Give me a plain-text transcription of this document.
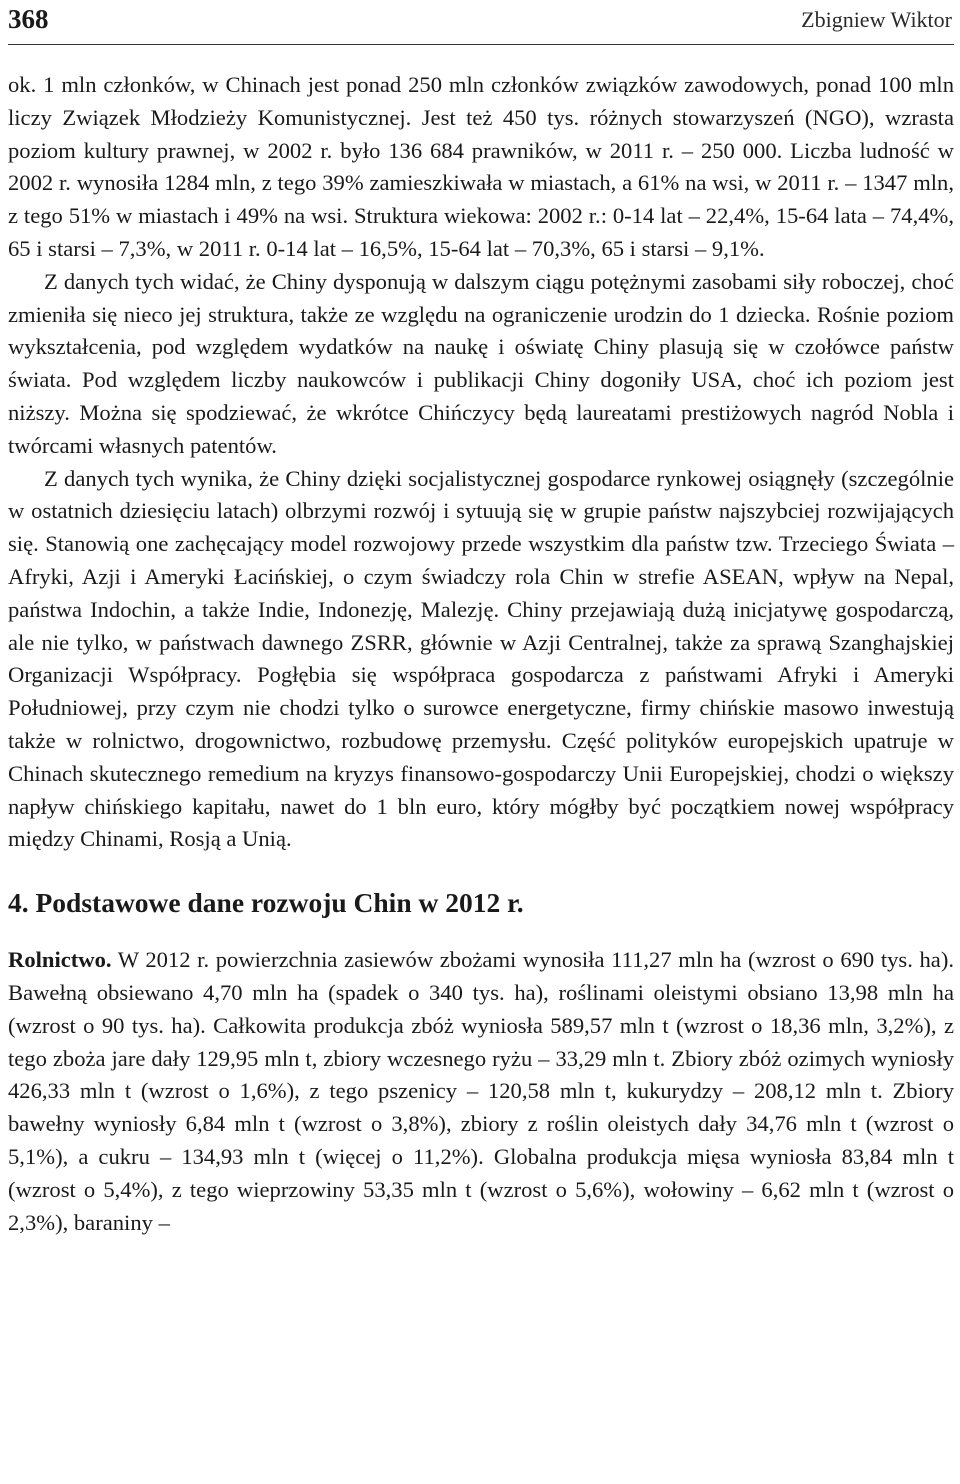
368	Zbigniew Wiktor

ok. 1 mln członków, w Chinach jest ponad 250 mln członków związków zawodowych, ponad 100 mln liczy Związek Młodzieży Komunistycznej. Jest też 450 tys. różnych stowarzyszeń (NGO), wzrasta poziom kultury prawnej, w 2002 r. było 136 684 prawników, w 2011 r. – 250 000. Liczba ludność w 2002 r. wynosiła 1284 mln, z tego 39% zamieszkiwała w miastach, a 61% na wsi, w 2011 r. – 1347 mln, z tego 51% w miastach i 49% na wsi. Struktura wiekowa: 2002 r.: 0-14 lat – 22,4%, 15-64 lata – 74,4%, 65 i starsi – 7,3%, w 2011 r. 0-14 lat – 16,5%, 15-64 lat – 70,3%, 65 i starsi – 9,1%.

Z danych tych widać, że Chiny dysponują w dalszym ciągu potężnymi zasobami siły roboczej, choć zmieniła się nieco jej struktura, także ze względu na ograniczenie urodzin do 1 dziecka. Rośnie poziom wykształcenia, pod względem wydatków na naukę i oświatę Chiny plasują się w czołówce państw świata. Pod względem liczby naukowców i publikacji Chiny dogoniły USA, choć ich poziom jest niższy. Można się spodziewać, że wkrótce Chińczycy będą laureatami prestiżowych nagród Nobla i twórcami własnych patentów.

Z danych tych wynika, że Chiny dzięki socjalistycznej gospodarce rynkowej osiągnęły (szczególnie w ostatnich dziesięciu latach) olbrzymi rozwój i sytuują się w grupie państw najszybciej rozwijających się. Stanowią one zachęcający model rozwojowy przede wszystkim dla państw tzw. Trzeciego Świata – Afryki, Azji i Ameryki Łacińskiej, o czym świadczy rola Chin w strefie ASEAN, wpływ na Nepal, państwa Indochin, a także Indie, Indonezję, Malezję. Chiny przejawiają dużą inicjatywę gospodarczą, ale nie tylko, w państwach dawnego ZSRR, głównie w Azji Centralnej, także za sprawą Szanghajskiej Organizacji Współpracy. Pogłębia się współpraca gospodarcza z państwami Afryki i Ameryki Południowej, przy czym nie chodzi tylko o surowce energetyczne, firmy chińskie masowo inwestują także w rolnictwo, drogownictwo, rozbudowę przemysłu. Część polityków europejskich upatruje w Chinach skutecznego remedium na kryzys finansowo-gospodarczy Unii Europejskiej, chodzi o większy napływ chińskiego kapitału, nawet do 1 bln euro, który mógłby być początkiem nowej współpracy między Chinami, Rosją a Unią.

4. Podstawowe dane rozwoju Chin w 2012 r.

Rolnictwo. W 2012 r. powierzchnia zasiewów zbożami wynosiła 111,27 mln ha (wzrost o 690 tys. ha). Bawełną obsiewano 4,70 mln ha (spadek o 340 tys. ha), roślinami oleistymi obsiano 13,98 mln ha (wzrost o 90 tys. ha). Całkowita produkcja zbóż wyniosła 589,57 mln t (wzrost o 18,36 mln, 3,2%), z tego zboża jare dały 129,95 mln t, zbiory wczesnego ryżu – 33,29 mln t. Zbiory zbóż ozimych wyniosły 426,33 mln t (wzrost o 1,6%), z tego pszenicy – 120,58 mln t, kukurydzy – 208,12 mln t. Zbiory bawełny wyniosły 6,84 mln t (wzrost o 3,8%), zbiory z roślin oleistych dały 34,76 mln t (wzrost o 5,1%), a cukru – 134,93 mln t (więcej o 11,2%). Globalna produkcja mięsa wyniosła 83,84 mln t (wzrost o 5,4%), z tego wieprzowiny 53,35 mln t (wzrost o 5,6%), wołowiny – 6,62 mln t (wzrost o 2,3%), baraniny –
